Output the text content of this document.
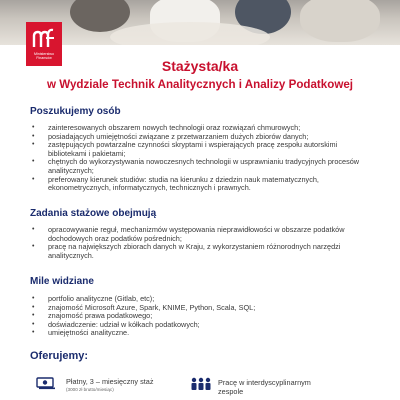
Ministerstwo Finansów	Stażysta/ka
w Wydziale Technik Analitycznych i Analizy Podatkowej
Poszukujemy osób
• zainteresowanych obszarem nowych technologii oraz rozwiązań chmurowych;
• posiadających umiejętności związane z przetwarzaniem dużych zbiorów danych;
• zastępujących powtarzalne czynności skryptami i wspierających pracę zespołu autorskimi bibliotekami i pakietami;
• chętnych do wykorzystywania nowoczesnych technologii w usprawnianiu tradycyjnych procesów analitycznych;
• preferowany kierunek studiów: studia na kierunku z dziedzin nauk matematycznych, ekonometrycznych, informatycznych, technicznych i prawnych.
Zadania stażowe obejmują
• opracowywanie reguł, mechanizmów występowania nieprawidłowości w obszarze podatków dochodowych oraz podatków pośrednich;
• pracę na największych zbiorach danych w Kraju, z wykorzystaniem różnorodnych narzędzi analitycznych.
Mile widziane
• portfolio analityczne (Gitlab, etc);
• znajomość Microsoft Azure, Spark, KNIME, Python, Scala, SQL;
• znajomość prawa podatkowego;
• doświadczenie: udział w kółkach podatkowych;
• umiejętności analityczne.
Oferujemy:
Płatny, 3 – miesięczny staż
(3000 zł brutto/miesiąc)
Pracę w interdyscyplinarnym zespole
